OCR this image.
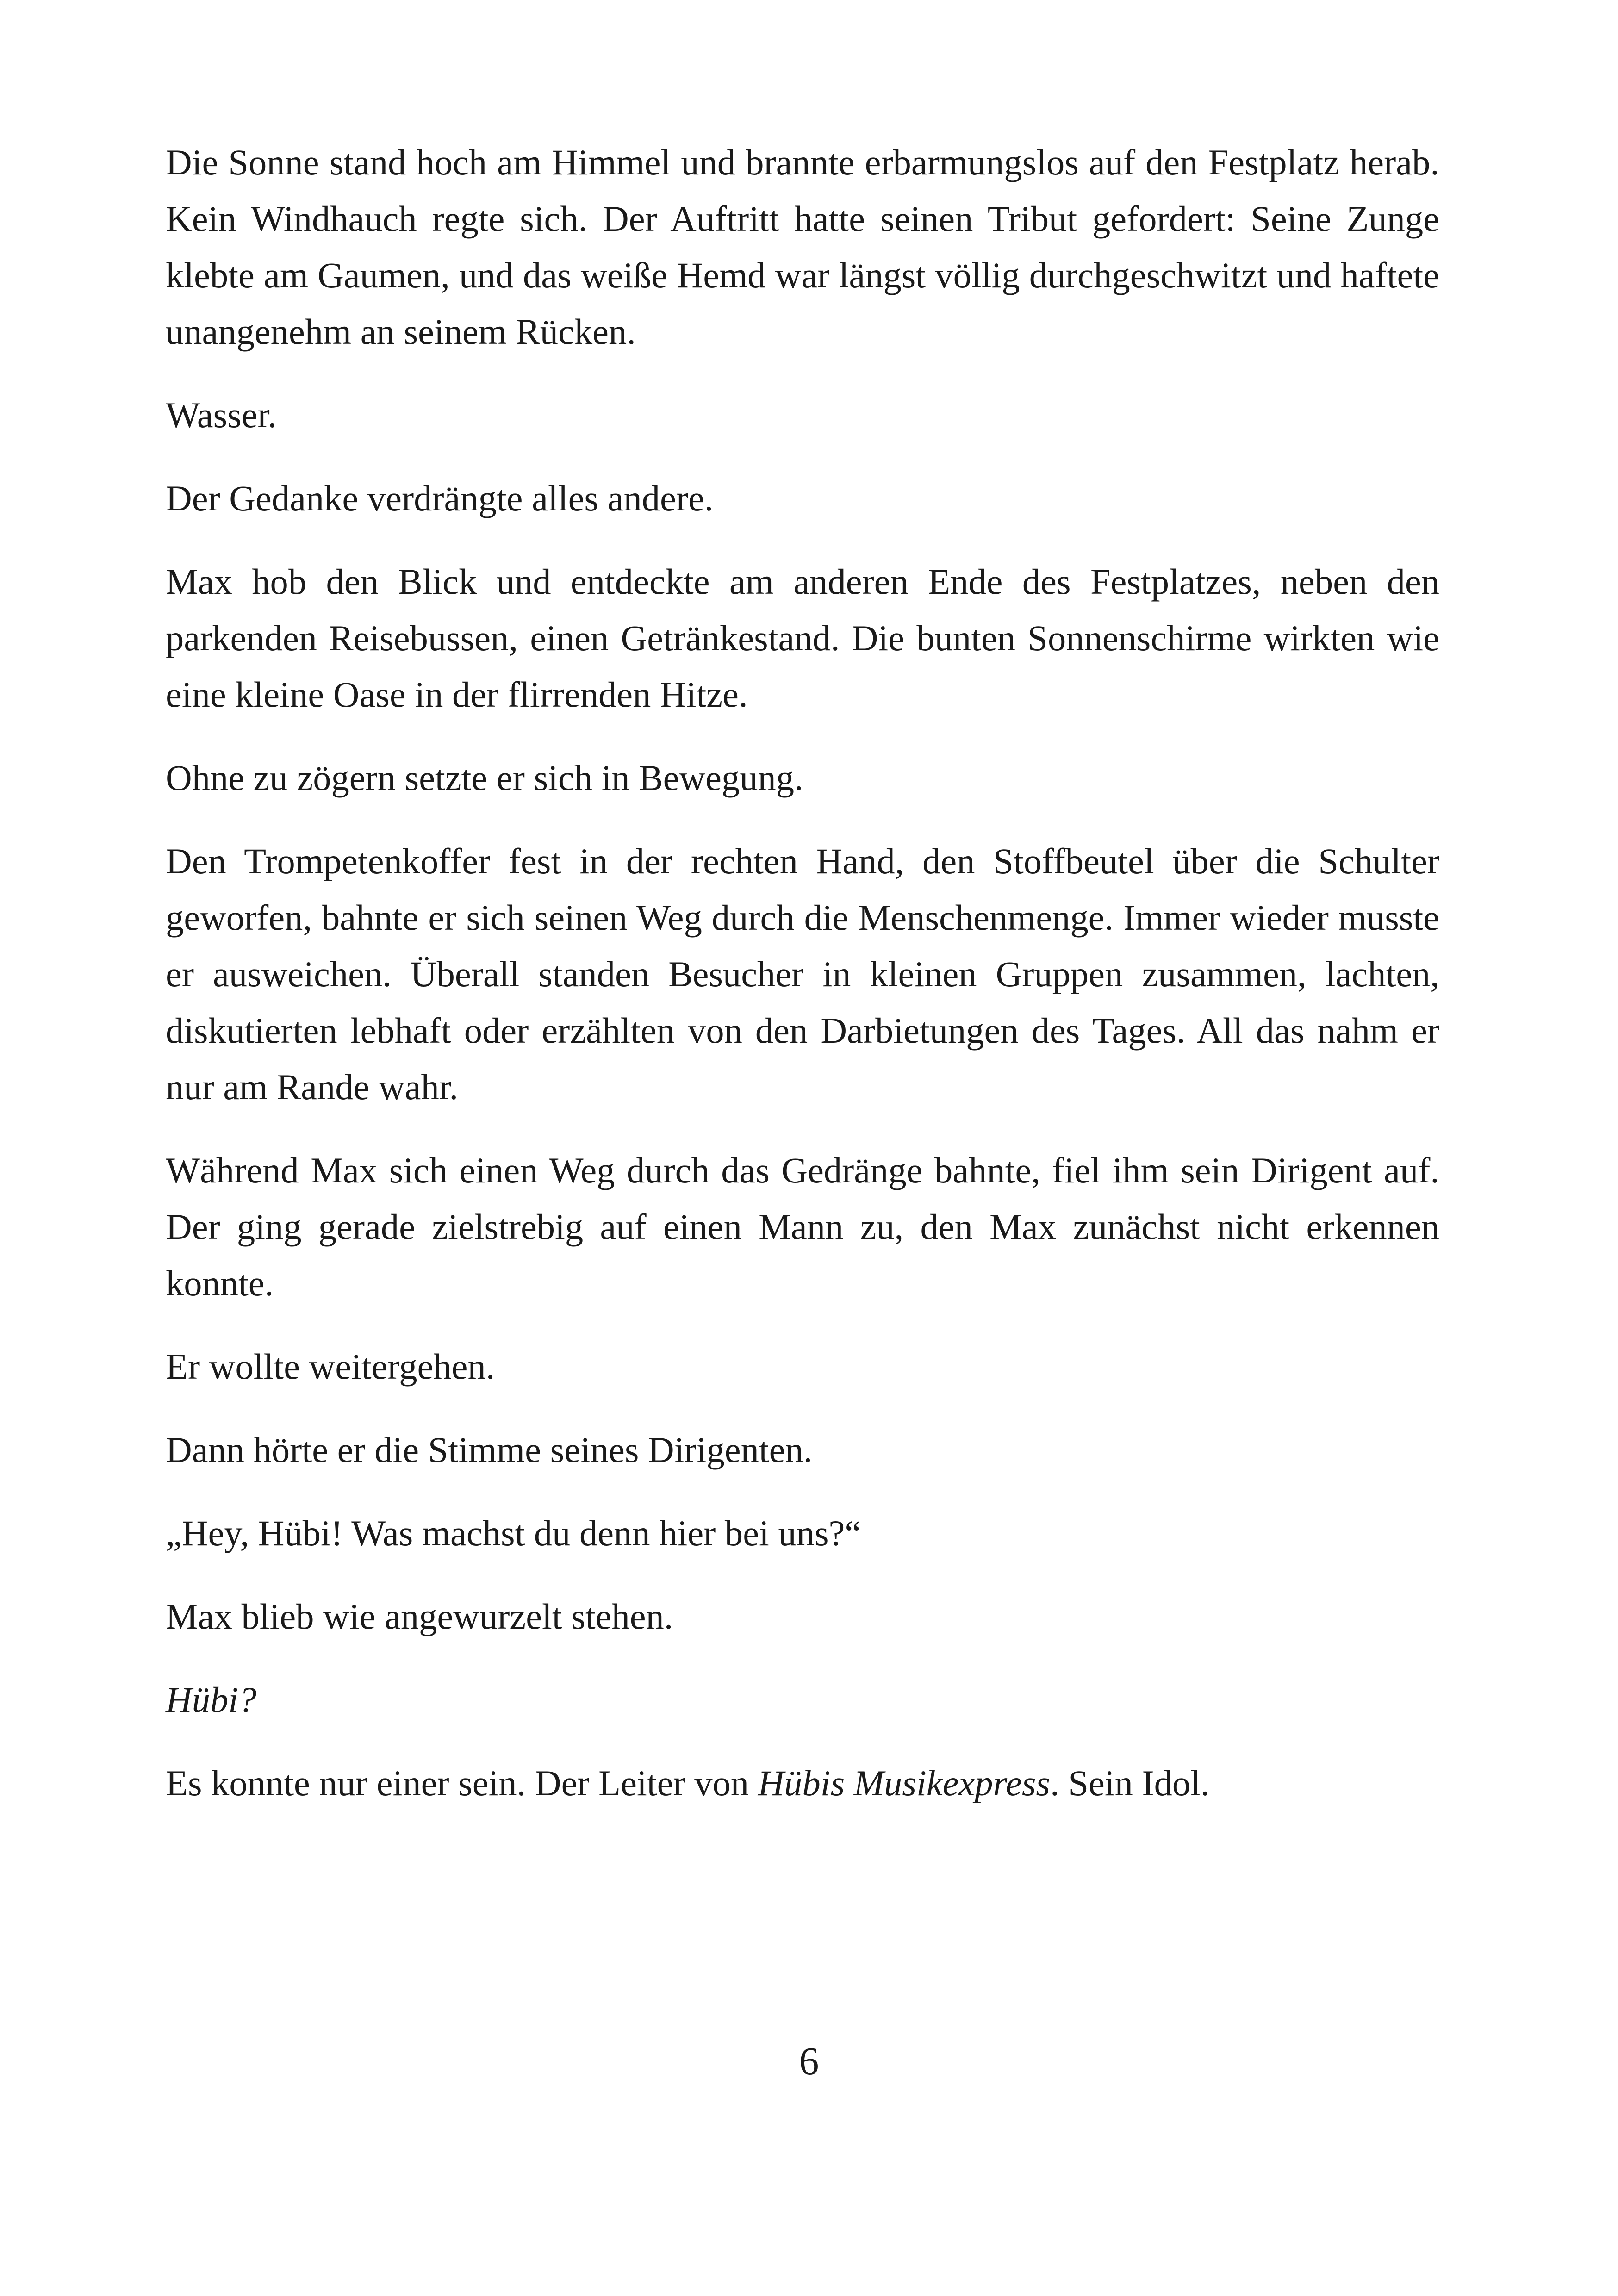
Die Sonne stand hoch am Himmel und brannte erbarmungslos auf den Festplatz herab. Kein Windhauch regte sich. Der Auftritt hatte seinen Tribut gefordert: Seine Zunge klebte am Gaumen, und das weiße Hemd war längst völlig durchgeschwitzt und haftete unangenehm an seinem Rücken.

Wasser.

Der Gedanke verdrängte alles andere.

Max hob den Blick und entdeckte am anderen Ende des Festplatzes, neben den parkenden Reisebussen, einen Getränkestand. Die bunten Sonnenschirme wirkten wie eine kleine Oase in der flirrenden Hitze.

Ohne zu zögern setzte er sich in Bewegung.

Den Trompetenkoffer fest in der rechten Hand, den Stoffbeutel über die Schulter geworfen, bahnte er sich seinen Weg durch die Menschenmenge. Immer wieder musste er ausweichen. Überall standen Besucher in kleinen Gruppen zusammen, lachten, diskutierten lebhaft oder erzählten von den Darbietungen des Tages. All das nahm er nur am Rande wahr.

Während Max sich einen Weg durch das Gedränge bahnte, fiel ihm sein Dirigent auf. Der ging gerade zielstrebig auf einen Mann zu, den Max zunächst nicht erkennen konnte.

Er wollte weitergehen.

Dann hörte er die Stimme seines Dirigenten.

„Hey, Hübi! Was machst du denn hier bei uns?“

Max blieb wie angewurzelt stehen.

Hübi?

Es konnte nur einer sein. Der Leiter von Hübis Musikexpress. Sein Idol.

6
